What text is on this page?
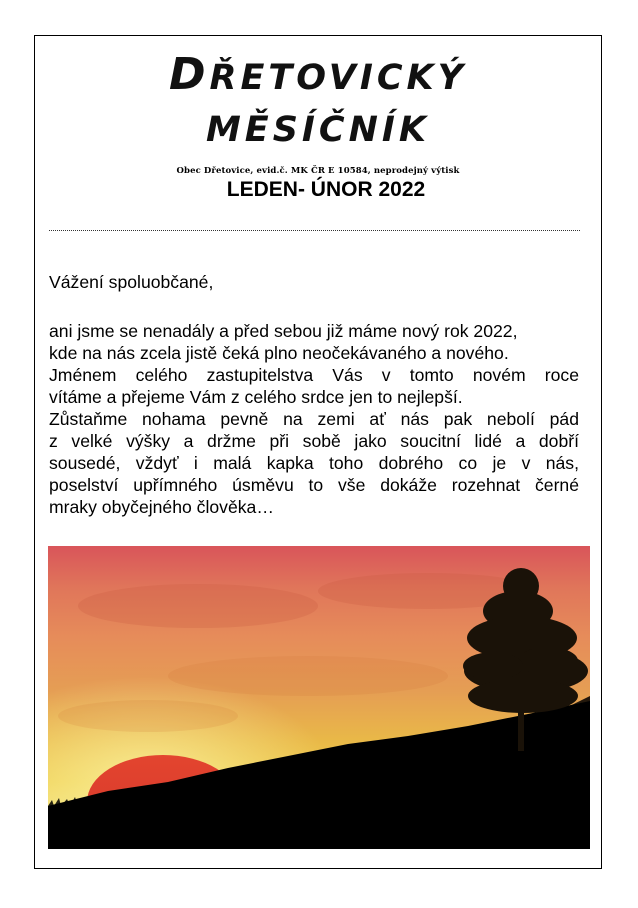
DŘETOVICKÝ
MĚSÍČNÍK
Obec Dřetovice, evid.č. MK ČR E 10584, neprodejný výtisk
LEDEN- ÚNOR 2022
Vážení spoluobčané,
ani jsme se nenadály a před sebou již máme nový rok 2022,
kde na nás zcela jistě čeká plno neočekávaného a nového.
Jménem celého zastupitelstva Vás v tomto novém roce
vítáme a přejeme Vám z celého srdce jen to nejlepší.
Zůstaňme nohama pevně na zemi ať nás pak nebolí pád
z velké výšky a držme při sobě jako soucitní lidé a dobří
sousedé, vždyť i malá kapka toho dobrého co je v nás,
poselství upřímného úsměvu to vše dokáže rozehnat černé
mraky obyčejného člověka…
